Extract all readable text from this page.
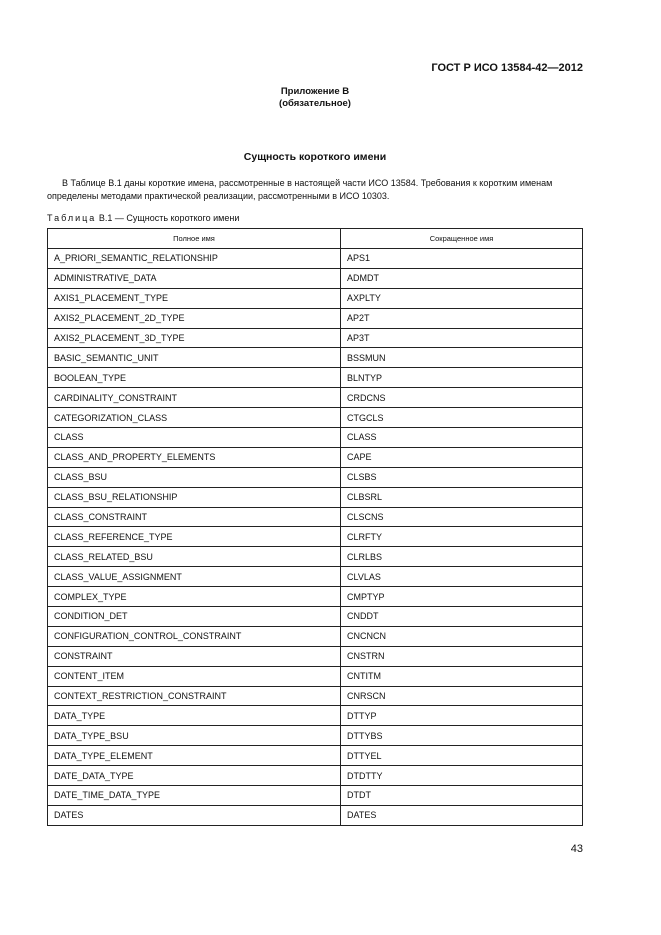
ГОСТ Р ИСО 13584-42—2012
Приложение В
(обязательное)
Сущность короткого имени
В Таблице В.1 даны короткие имена, рассмотренные в настоящей части ИСО 13584. Требования к коротким именам определены методами практической реализации, рассмотренными в ИСО 10303.
Таблица В.1 — Сущность короткого имени
Полное имя	Сокращенное имя
A_PRIORI_SEMANTIC_RELATIONSHIP	APS1
ADMINISTRATIVE_DATA	ADMDT
AXIS1_PLACEMENT_TYPE	AXPLTY
AXIS2_PLACEMENT_2D_TYPE	AP2T
AXIS2_PLACEMENT_3D_TYPE	AP3T
BASIC_SEMANTIC_UNIT	BSSMUN
BOOLEAN_TYPE	BLNTYP
CARDINALITY_CONSTRAINT	CRDCNS
CATEGORIZATION_CLASS	CTGCLS
CLASS	CLASS
CLASS_AND_PROPERTY_ELEMENTS	CAPE
CLASS_BSU	CLSBS
CLASS_BSU_RELATIONSHIP	CLBSRL
CLASS_CONSTRAINT	CLSCNS
CLASS_REFERENCE_TYPE	CLRFTY
CLASS_RELATED_BSU	CLRLBS
CLASS_VALUE_ASSIGNMENT	CLVLAS
COMPLEX_TYPE	CMPTYP
CONDITION_DET	CNDDT
CONFIGURATION_CONTROL_CONSTRAINT	CNCNCN
CONSTRAINT	CNSTRN
CONTENT_ITEM	CNTITM
CONTEXT_RESTRICTION_CONSTRAINT	CNRSCN
DATA_TYPE	DTTYP
DATA_TYPE_BSU	DTTYBS
DATA_TYPE_ELEMENT	DTTYEL
DATE_DATA_TYPE	DTDTTY
DATE_TIME_DATA_TYPE	DTDT
DATES	DATES
43
